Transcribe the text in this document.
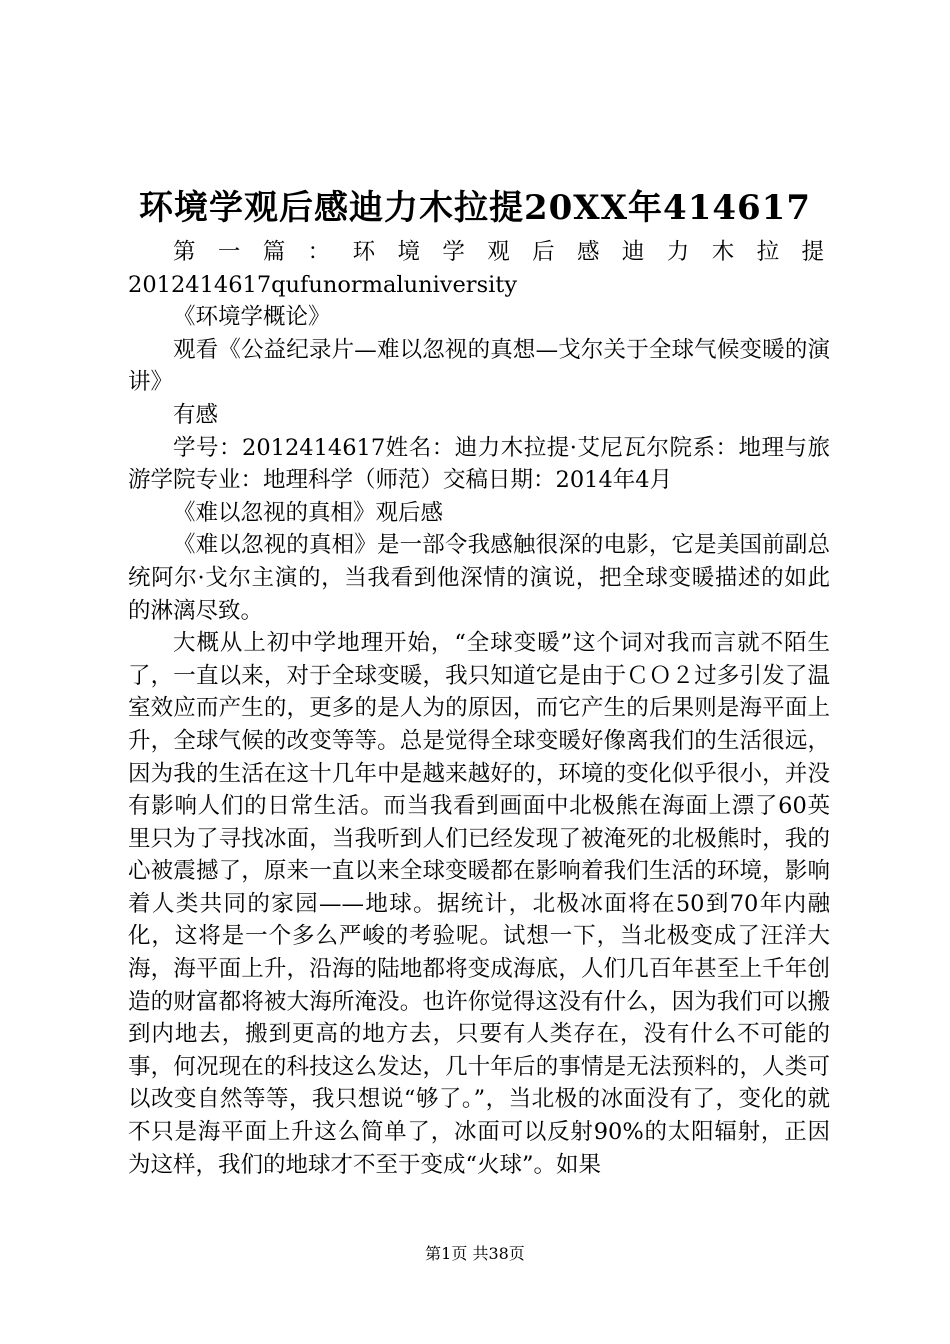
环境学观后感迪力木拉提20XX年414617

第一篇：环境学观后感迪力木拉提

2012414617qufunormaluniversity

《环境学概论》

观看《公益纪录片—难以忽视的真想—戈尔关于全球气候变暖的演讲》

有感

学号：2012414617姓名：迪力木拉提·艾尼瓦尔院系：地理与旅游学院专业：地理科学（师范）交稿日期：2014年4月

《难以忽视的真相》观后感

《难以忽视的真相》是一部令我感触很深的电影，它是美国前副总统阿尔·戈尔主演的，当我看到他深情的演说，把全球变暖描述的如此的淋漓尽致。

大概从上初中学地理开始，“全球变暖”这个词对我而言就不陌生了，一直以来，对于全球变暖，我只知道它是由于ＣＯ２过多引发了温室效应而产生的，更多的是人为的原因，而它产生的后果则是海平面上升，全球气候的改变等等。总是觉得全球变暖好像离我们的生活很远，因为我的生活在这十几年中是越来越好的，环境的变化似乎很小，并没有影响人们的日常生活。而当我看到画面中北极熊在海面上漂了60英里只为了寻找冰面，当我听到人们已经发现了被淹死的北极熊时，我的心被震撼了，原来一直以来全球变暖都在影响着我们生活的环境，影响着人类共同的家园——地球。据统计，北极冰面将在50到70年内融化，这将是一个多么严峻的考验呢。试想一下，当北极变成了汪洋大海，海平面上升，沿海的陆地都将变成海底，人们几百年甚至上千年创造的财富都将被大海所淹没。也许你觉得这没有什么，因为我们可以搬到内地去，搬到更高的地方去，只要有人类存在，没有什么不可能的事，何况现在的科技这么发达，几十年后的事情是无法预料的，人类可以改变自然等等，我只想说“够了。”，当北极的冰面没有了，变化的就不只是海平面上升这么简单了，冰面可以反射90%的太阳辐射，正因为这样，我们的地球才不至于变成“火球”。如果

第1页 共38页
